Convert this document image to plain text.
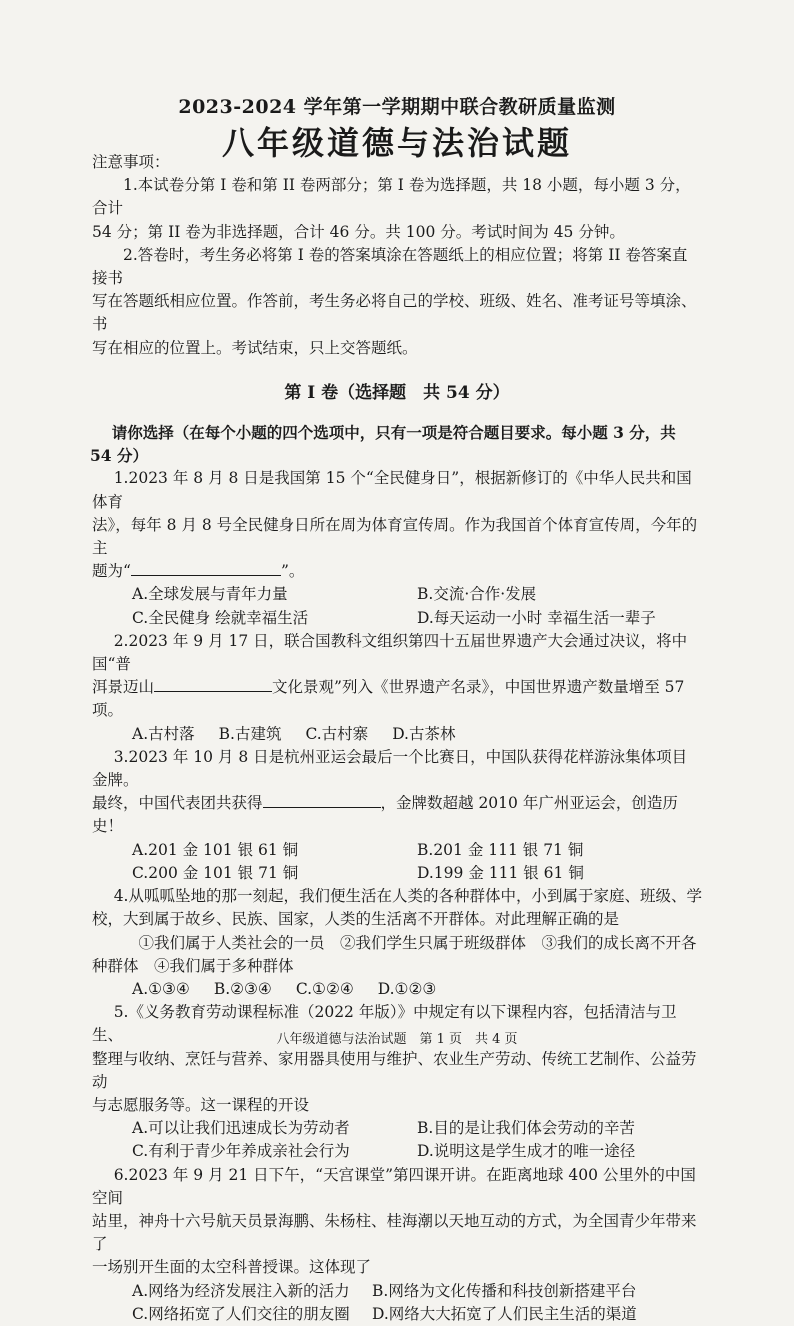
2023-2024 学年第一学期期中联合教研质量监测
八年级道德与法治试题

注意事项：

1.本试卷分第 I 卷和第 II 卷两部分；第 I 卷为选择题，共 18 小题，每小题 3 分，合计

54 分；第 II 卷为非选择题，合计 46 分。共 100 分。考试时间为 45 分钟。

2.答卷时，考生务必将第 I 卷的答案填涂在答题纸上的相应位置；将第 II 卷答案直接书

写在答题纸相应位置。作答前，考生务必将自己的学校、班级、姓名、准考证号等填涂、书

写在相应的位置上。考试结束，只上交答题纸。

第 I 卷（选择题　共 54 分）

请你选择（在每个小题的四个选项中，只有一项是符合题目要求。每小题 3 分，共 54 分）

1.2023 年 8 月 8 日是我国第 15 个“全民健身日”，根据新修订的《中华人民共和国体育

法》，每年 8 月 8 号全民健身日所在周为体育宣传周。作为我国首个体育宣传周，今年的主

题为“	”。

A.全球发展与青年力量	B.交流·合作·发展
C.全民健身 绘就幸福生活	D.每天运动一小时 幸福生活一辈子

2.2023 年 9 月 17 日，联合国教科文组织第四十五届世界遗产大会通过决议，将中国“普

洱景迈山	文化景观”列入《世界遗产名录》，中国世界遗产数量增至 57 项。

A.古村落 B.古建筑 C.古村寨 D.古茶林

3.2023 年 10 月 8 日是杭州亚运会最后一个比赛日，中国队获得花样游泳集体项目金牌。

最终，中国代表团共获得	，金牌数超越 2010 年广州亚运会，创造历史！

A.201 金 101 银 61 铜	B.201 金 111 银 71 铜
C.200 金 101 银 71 铜	D.199 金 111 银 61 铜

4.从呱呱坠地的那一刻起，我们便生活在人类的各种群体中，小到属于家庭、班级、学

校，大到属于故乡、民族、国家，人类的生活离不开群体。对此理解正确的是

①我们属于人类社会的一员　②我们学生只属于班级群体　③我们的成长离不开各

种群体　④我们属于多种群体

A.①③④ B.②③④ C.①②④ D.①②③

5.《义务教育劳动课程标准（2022 年版）》中规定有以下课程内容，包括清洁与卫生、

整理与收纳、烹饪与营养、家用器具使用与维护、农业生产劳动、传统工艺制作、公益劳动

与志愿服务等。这一课程的开设

A.可以让我们迅速成长为劳动者	B.目的是让我们体会劳动的辛苦
C.有利于青少年养成亲社会行为	D.说明这是学生成才的唯一途径

6.2023 年 9 月 21 日下午，“天宫课堂”第四课开讲。在距离地球 400 公里外的中国空间

站里，神舟十六号航天员景海鹏、朱杨柱、桂海潮以天地互动的方式，为全国青少年带来了

一场别开生面的太空科普授课。这体现了

A.网络为经济发展注入新的活力	B.网络为文化传播和科技创新搭建平台
C.网络拓宽了人们交往的朋友圈	D.网络大大拓宽了人们民主生活的渠道
八年级道德与法治试题　第 1 页　共 4 页
